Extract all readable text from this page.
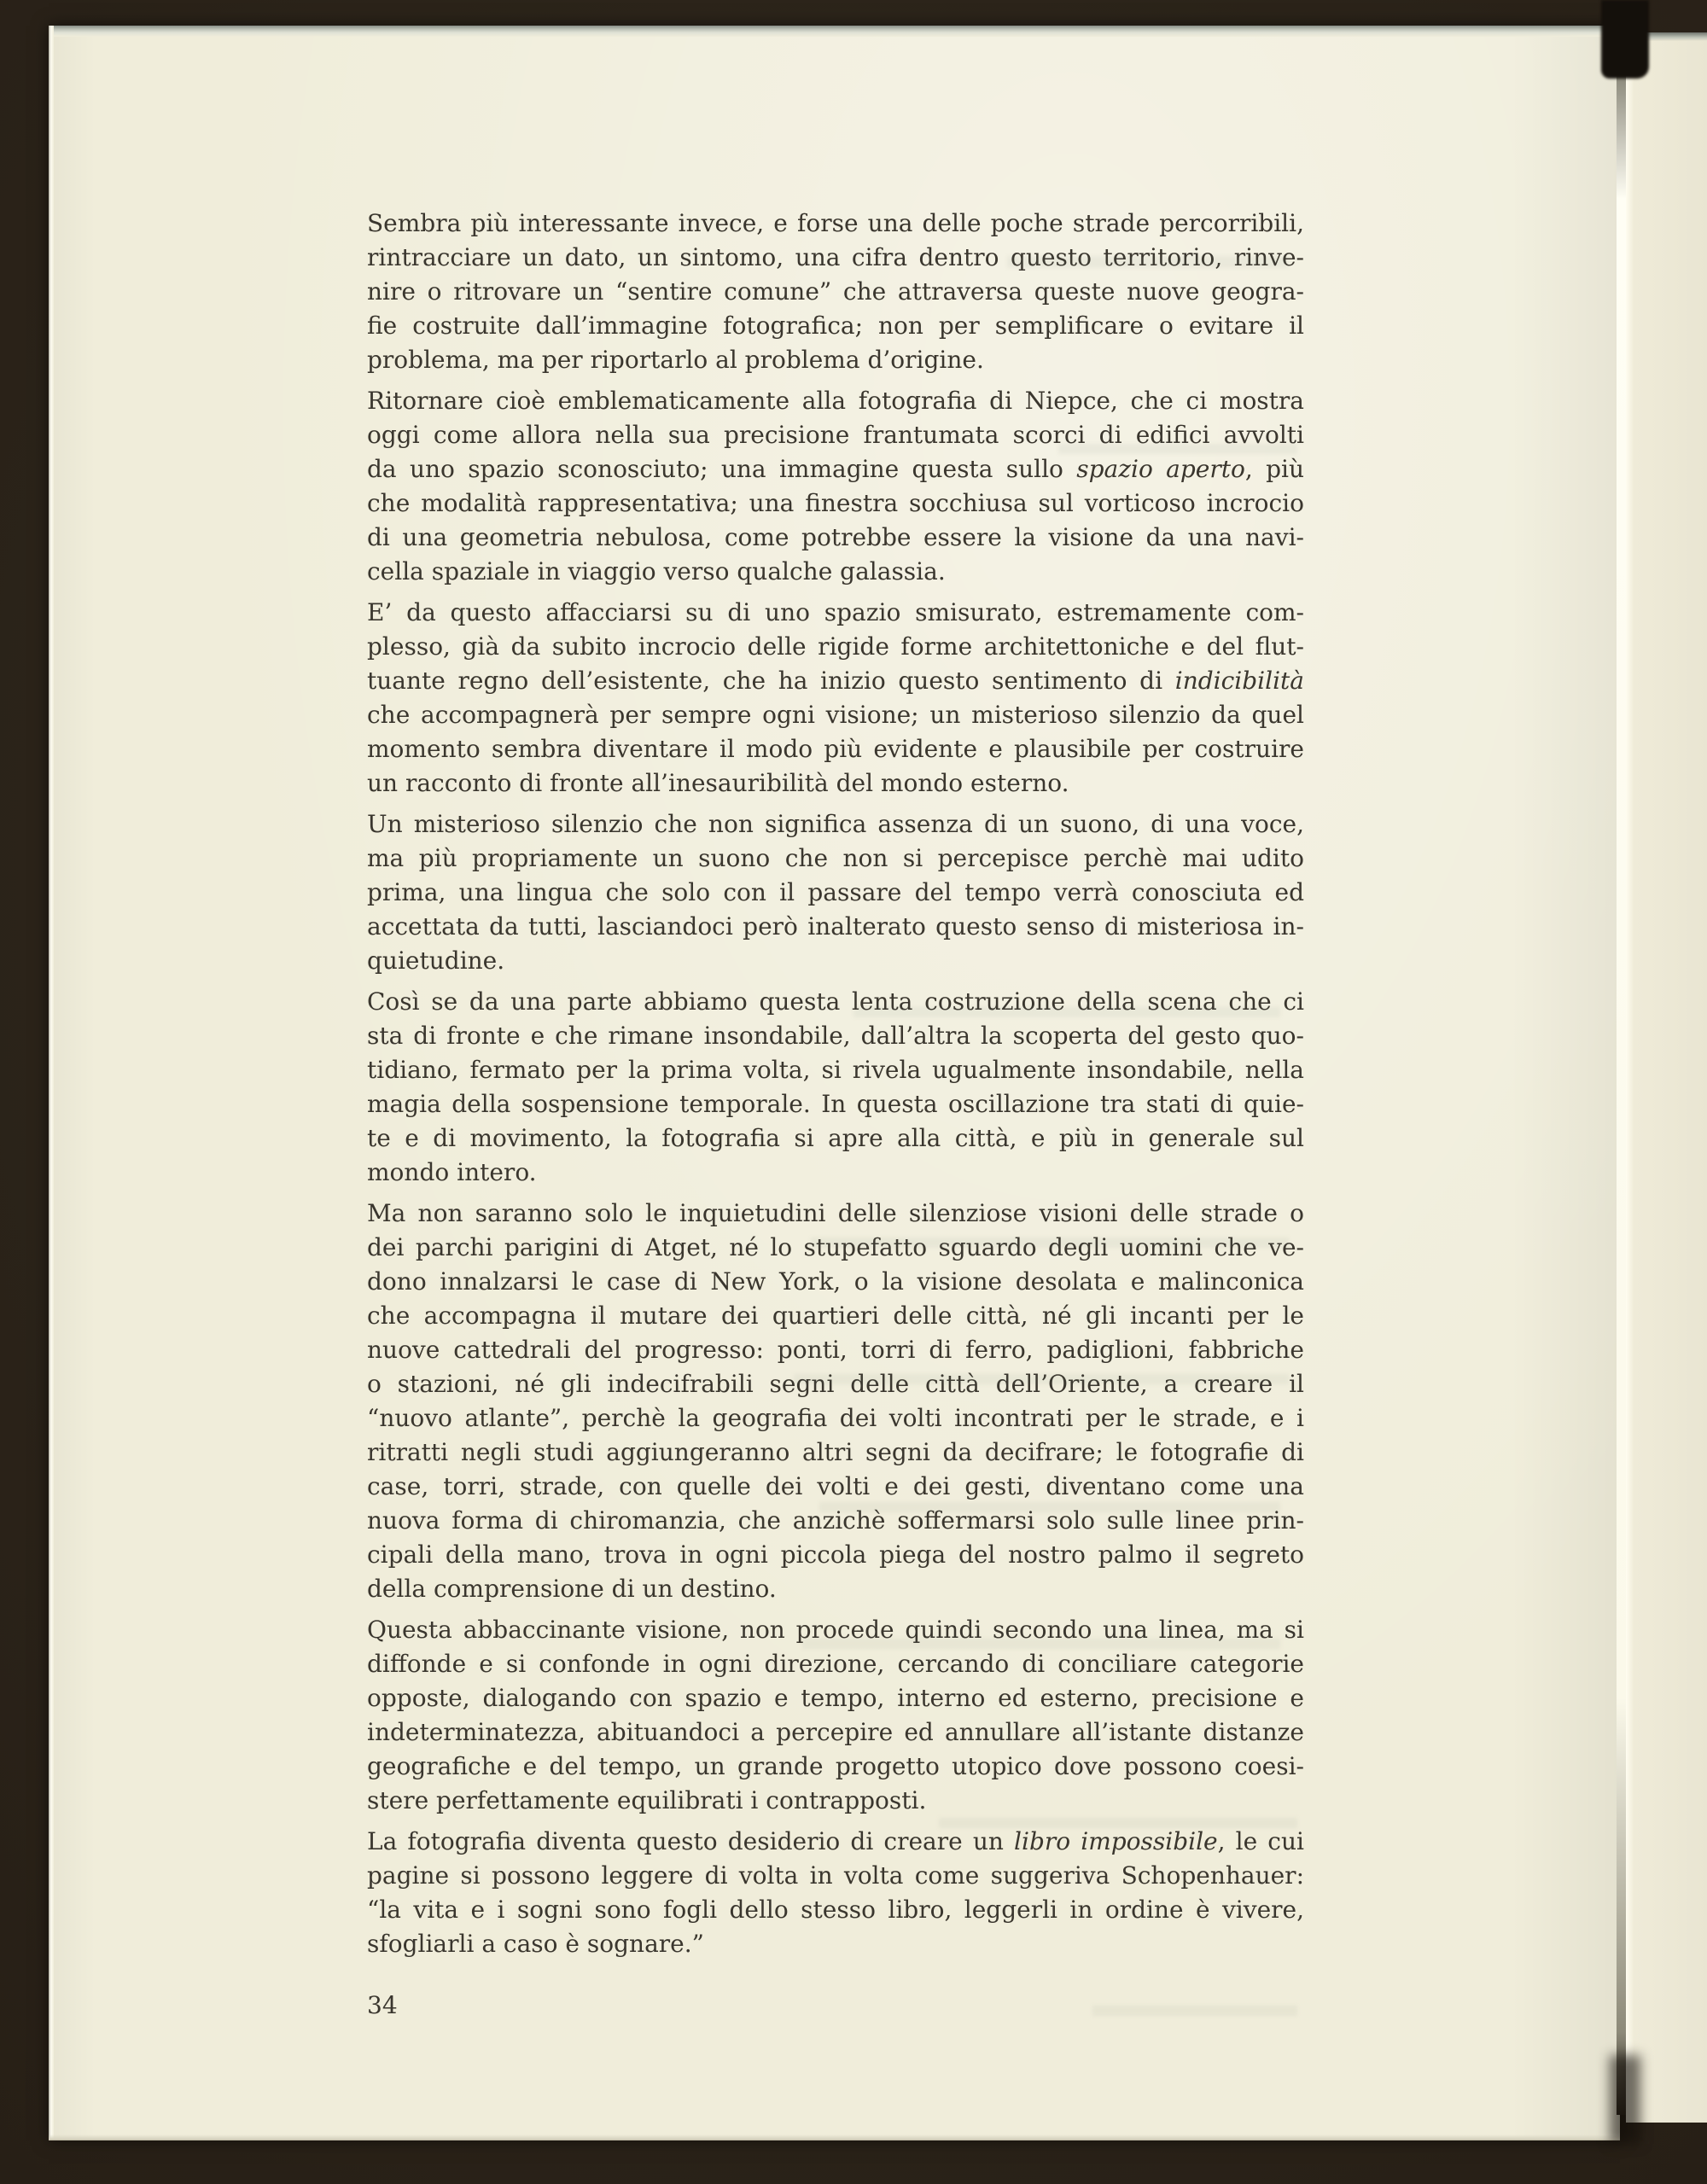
Sembra più interessante invece, e forse una delle poche strade percorribili,
rintracciare un dato, un sintomo, una cifra dentro questo territorio, rinve-
nire o ritrovare un “sentire comune” che attraversa queste nuove geogra-
fie costruite dall’immagine fotografica; non per semplificare o evitare il
problema, ma per riportarlo al problema d’origine.

Ritornare cioè emblematicamente alla fotografia di Niepce, che ci mostra
oggi come allora nella sua precisione frantumata scorci di edifici avvolti
da uno spazio sconosciuto; una immagine questa sullo spazio aperto, più
che modalità rappresentativa; una finestra socchiusa sul vorticoso incrocio
di una geometria nebulosa, come potrebbe essere la visione da una navi-
cella spaziale in viaggio verso qualche galassia.

E’ da questo affacciarsi su di uno spazio smisurato, estremamente com-
plesso, già da subito incrocio delle rigide forme architettoniche e del flut-
tuante regno dell’esistente, che ha inizio questo sentimento di indicibilità
che accompagnerà per sempre ogni visione; un misterioso silenzio da quel
momento sembra diventare il modo più evidente e plausibile per costruire
un racconto di fronte all’inesauribilità del mondo esterno.

Un misterioso silenzio che non significa assenza di un suono, di una voce,
ma più propriamente un suono che non si percepisce perchè mai udito
prima, una lingua che solo con il passare del tempo verrà conosciuta ed
accettata da tutti, lasciandoci però inalterato questo senso di misteriosa in-
quietudine.

Così se da una parte abbiamo questa lenta costruzione della scena che ci
sta di fronte e che rimane insondabile, dall’altra la scoperta del gesto quo-
tidiano, fermato per la prima volta, si rivela ugualmente insondabile, nella
magia della sospensione temporale. In questa oscillazione tra stati di quie-
te e di movimento, la fotografia si apre alla città, e più in generale sul
mondo intero.

Ma non saranno solo le inquietudini delle silenziose visioni delle strade o
dei parchi parigini di Atget, né lo stupefatto sguardo degli uomini che ve-
dono innalzarsi le case di New York, o la visione desolata e malinconica
che accompagna il mutare dei quartieri delle città, né gli incanti per le
nuove cattedrali del progresso: ponti, torri di ferro, padiglioni, fabbriche
o stazioni, né gli indecifrabili segni delle città dell’Oriente, a creare il
“nuovo atlante”, perchè la geografia dei volti incontrati per le strade, e i
ritratti negli studi aggiungeranno altri segni da decifrare; le fotografie di
case, torri, strade, con quelle dei volti e dei gesti, diventano come una
nuova forma di chiromanzia, che anzichè soffermarsi solo sulle linee prin-
cipali della mano, trova in ogni piccola piega del nostro palmo il segreto
della comprensione di un destino.

Questa abbaccinante visione, non procede quindi secondo una linea, ma si
diffonde e si confonde in ogni direzione, cercando di conciliare categorie
opposte, dialogando con spazio e tempo, interno ed esterno, precisione e
indeterminatezza, abituandoci a percepire ed annullare all’istante distanze
geografiche e del tempo, un grande progetto utopico dove possono coesi-
stere perfettamente equilibrati i contrapposti.

La fotografia diventa questo desiderio di creare un libro impossibile, le cui
pagine si possono leggere di volta in volta come suggeriva Schopenhauer:
“la vita e i sogni sono fogli dello stesso libro, leggerli in ordine è vivere,
sfogliarli a caso è sognare.”

34
